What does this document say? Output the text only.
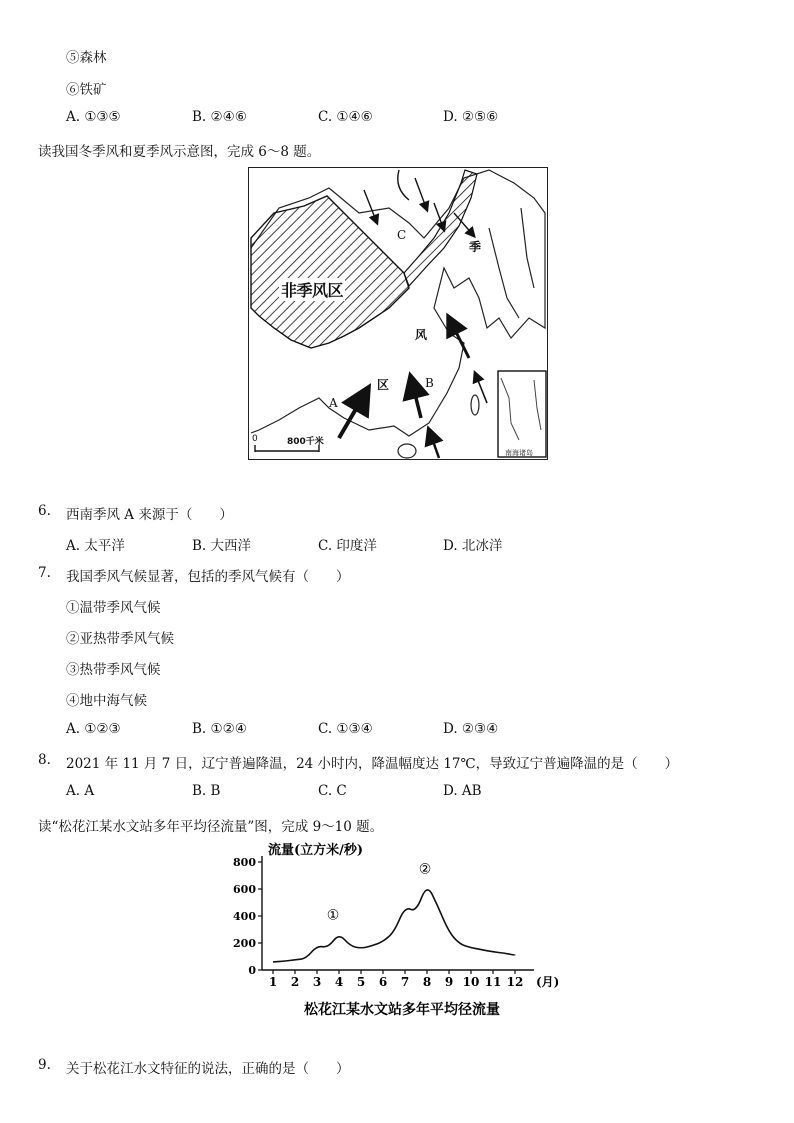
⑤森林
⑥铁矿
A. ①③⑤	B. ②④⑥	C. ①④⑥	D. ②⑤⑥
读我国冬季风和夏季风示意图，完成 6～8 题。
非季风区
季
风
区
A
B
C
0	800千米
南海诸岛
6. 西南季风 A 来源于（　　）
A. 太平洋	B. 大西洋	C. 印度洋	D. 北冰洋
7. 我国季风气候显著，包括的季风气候有（　　）
①温带季风气候
②亚热带季风气候
③热带季风气候
④地中海气候
A. ①②③	B. ①②④	C. ①③④	D. ②③④
8. 2021 年 11 月 7 日，辽宁普遍降温，24 小时内，降温幅度达 17℃，导致辽宁普遍降温的是（　　）
A. A	B. B	C. C	D. AB
读“松花江某水文站多年平均径流量”图，完成 9～10 题。
800
600
400
200
0
1 2 3 4 5 6 7 8 9 10 11 12 (月)
流量(立方米/秒)
①
②
松花江某水文站多年平均径流量
9. 关于松花江水文特征的说法，正确的是（　　）
